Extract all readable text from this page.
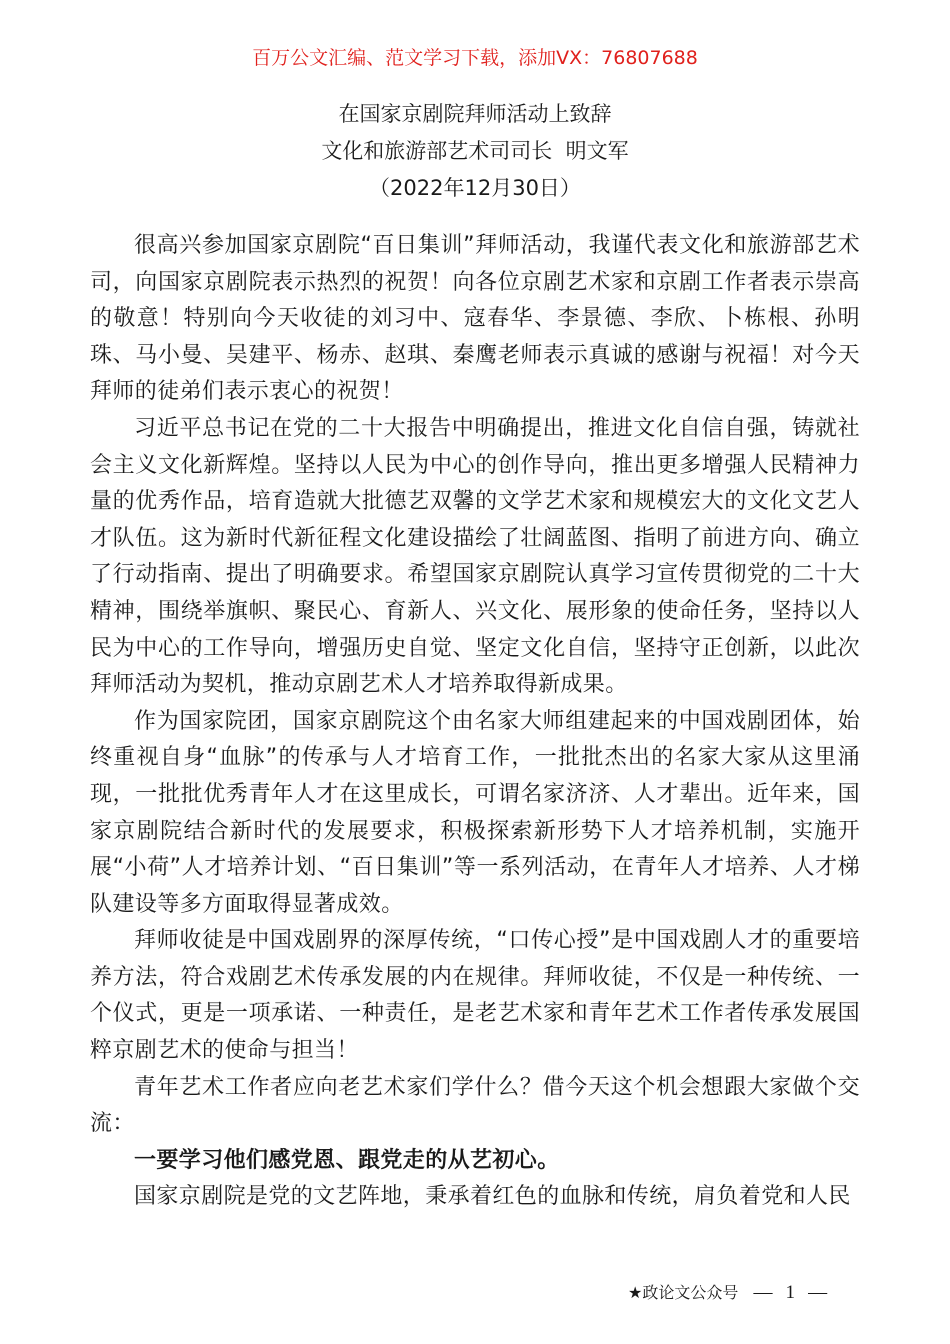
百万公文汇编、范文学习下载，添加VX：76807688
在国家京剧院拜师活动上致辞
文化和旅游部艺术司司长  明文军
（2022年12月30日）

很高兴参加国家京剧院“百日集训”拜师活动，我谨代表文化和旅游部艺术司，向国家京剧院表示热烈的祝贺！向各位京剧艺术家和京剧工作者表示崇高的敬意！特别向今天收徒的刘习中、寇春华、李景德、李欣、卜栋根、孙明珠、马小曼、吴建平、杨赤、赵琪、秦鹰老师表示真诚的感谢与祝福！对今天拜师的徒弟们表示衷心的祝贺！

习近平总书记在党的二十大报告中明确提出，推进文化自信自强，铸就社会主义文化新辉煌。坚持以人民为中心的创作导向，推出更多增强人民精神力量的优秀作品，培育造就大批德艺双馨的文学艺术家和规模宏大的文化文艺人才队伍。这为新时代新征程文化建设描绘了壮阔蓝图、指明了前进方向、确立了行动指南、提出了明确要求。希望国家京剧院认真学习宣传贯彻党的二十大精神，围绕举旗帜、聚民心、育新人、兴文化、展形象的使命任务，坚持以人民为中心的工作导向，增强历史自觉、坚定文化自信，坚持守正创新，以此次拜师活动为契机，推动京剧艺术人才培养取得新成果。

作为国家院团，国家京剧院这个由名家大师组建起来的中国戏剧团体，始终重视自身“血脉”的传承与人才培育工作，一批批杰出的名家大家从这里涌现，一批批优秀青年人才在这里成长，可谓名家济济、人才辈出。近年来，国家京剧院结合新时代的发展要求，积极探索新形势下人才培养机制，实施开展“小荷”人才培养计划、“百日集训”等一系列活动，在青年人才培养、人才梯队建设等多方面取得显著成效。

拜师收徒是中国戏剧界的深厚传统，“口传心授”是中国戏剧人才的重要培养方法，符合戏剧艺术传承发展的内在规律。拜师收徒，不仅是一种传统、一个仪式，更是一项承诺、一种责任，是老艺术家和青年艺术工作者传承发展国粹京剧艺术的使命与担当！

青年艺术工作者应向老艺术家们学什么？借今天这个机会想跟大家做个交流：

一要学习他们感党恩、跟党走的从艺初心。

国家京剧院是党的文艺阵地，秉承着红色的血脉和传统，肩负着党和人民

★政论文公众号 — 1 —
